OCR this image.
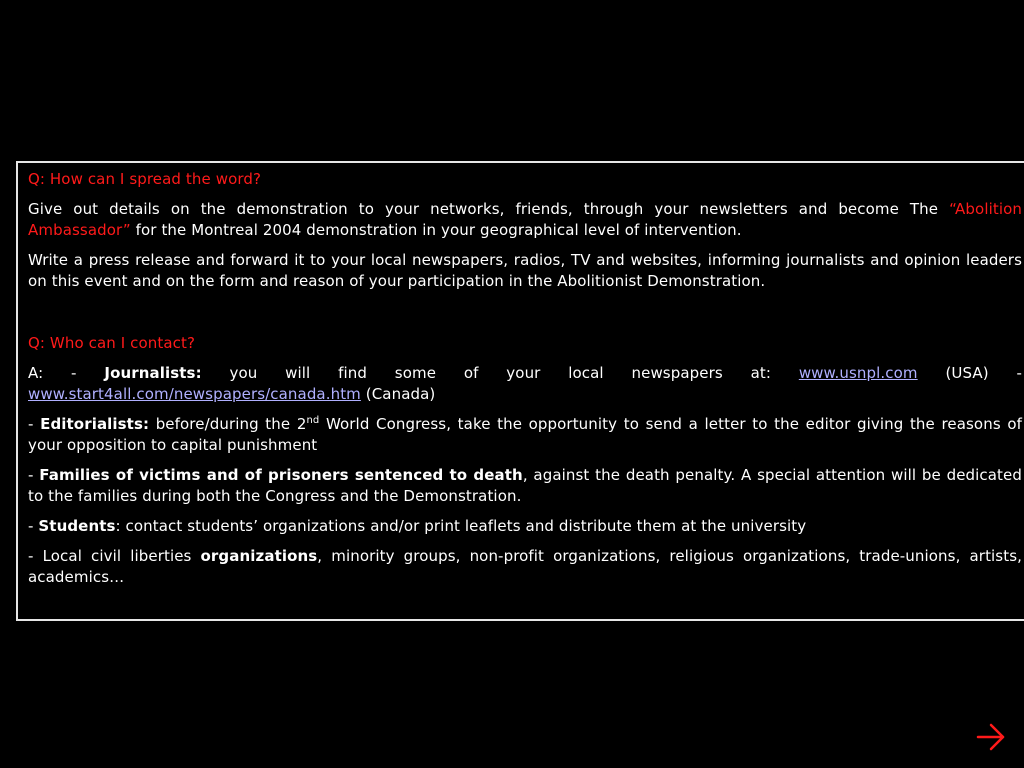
Q: How can I spread the word?
Give out details on the demonstration to your networks, friends, through your newsletters and become The “Abolition Ambassador” for the Montreal 2004 demonstration in your geographical level of intervention.
Write a press release and forward it to your local newspapers, radios, TV and websites, informing journalists and opinion leaders on this event and on the form and reason of your participation in the Abolitionist Demonstration.
Q: Who can I contact?
A: - Journalists: you will find some of your local newspapers at: www.usnpl.com (USA) - www.start4all.com/newspapers/canada.htm (Canada)
- Editorialists: before/during the 2nd World Congress, take the opportunity to send a letter to the editor giving the reasons of your opposition to capital punishment
- Families of victims and of prisoners sentenced to death, against the death penalty. A special attention will be dedicated to the families during both the Congress and the Demonstration.
- Students: contact students’ organizations and/or print leaflets and distribute them at the university
- Local civil liberties organizations, minority groups, non-profit organizations, religious organizations, trade-unions, artists, academics…
